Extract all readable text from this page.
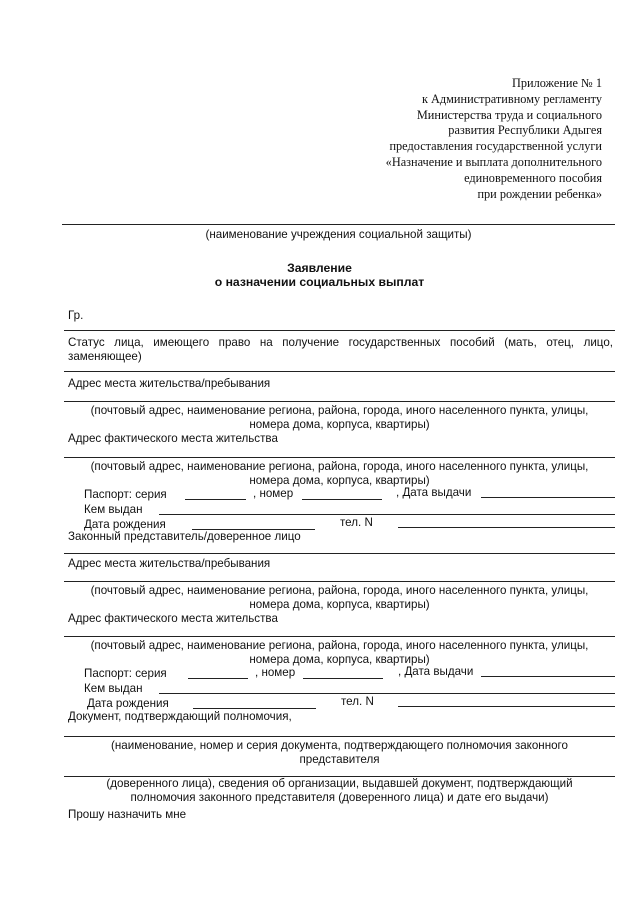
Приложение № 1
к Административному регламенту
Министерства труда и социального
развития Республики Адыгея
предоставления государственной услуги
«Назначение и выплата дополнительного
единовременного пособия
при рождении ребенка»
(наименование учреждения социальной защиты)
Заявление
о назначении социальных выплат
Гр.
Статус лица, имеющего право на получение государственных пособий (мать, отец, лицо, заменяющее)
Адрес места жительства/пребывания
(почтовый адрес, наименование региона, района, города, иного населенного пункта, улицы,
номера дома, корпуса, квартиры)
Адрес фактического места жительства
(почтовый адрес, наименование региона, района, города, иного населенного пункта, улицы,
номера дома, корпуса, квартиры)
Паспорт: серия	, номер	, Дата выдачи
Кем выдан
Дата рождения	тел. N
Законный представитель/доверенное лицо
Адрес места жительства/пребывания
(почтовый адрес, наименование региона, района, города, иного населенного пункта, улицы,
номера дома, корпуса, квартиры)
Адрес фактического места жительства
(почтовый адрес, наименование региона, района, города, иного населенного пункта, улицы,
номера дома, корпуса, квартиры)
Паспорт: серия	, номер	, Дата выдачи
Кем выдан
Дата рождения	тел. N
Документ, подтверждающий полномочия,
(наименование, номер и серия документа, подтверждающего полномочия законного
представителя
(доверенного лица), сведения об организации, выдавшей документ, подтверждающий
полномочия законного представителя (доверенного лица) и дате его выдачи)
Прошу назначить мне
